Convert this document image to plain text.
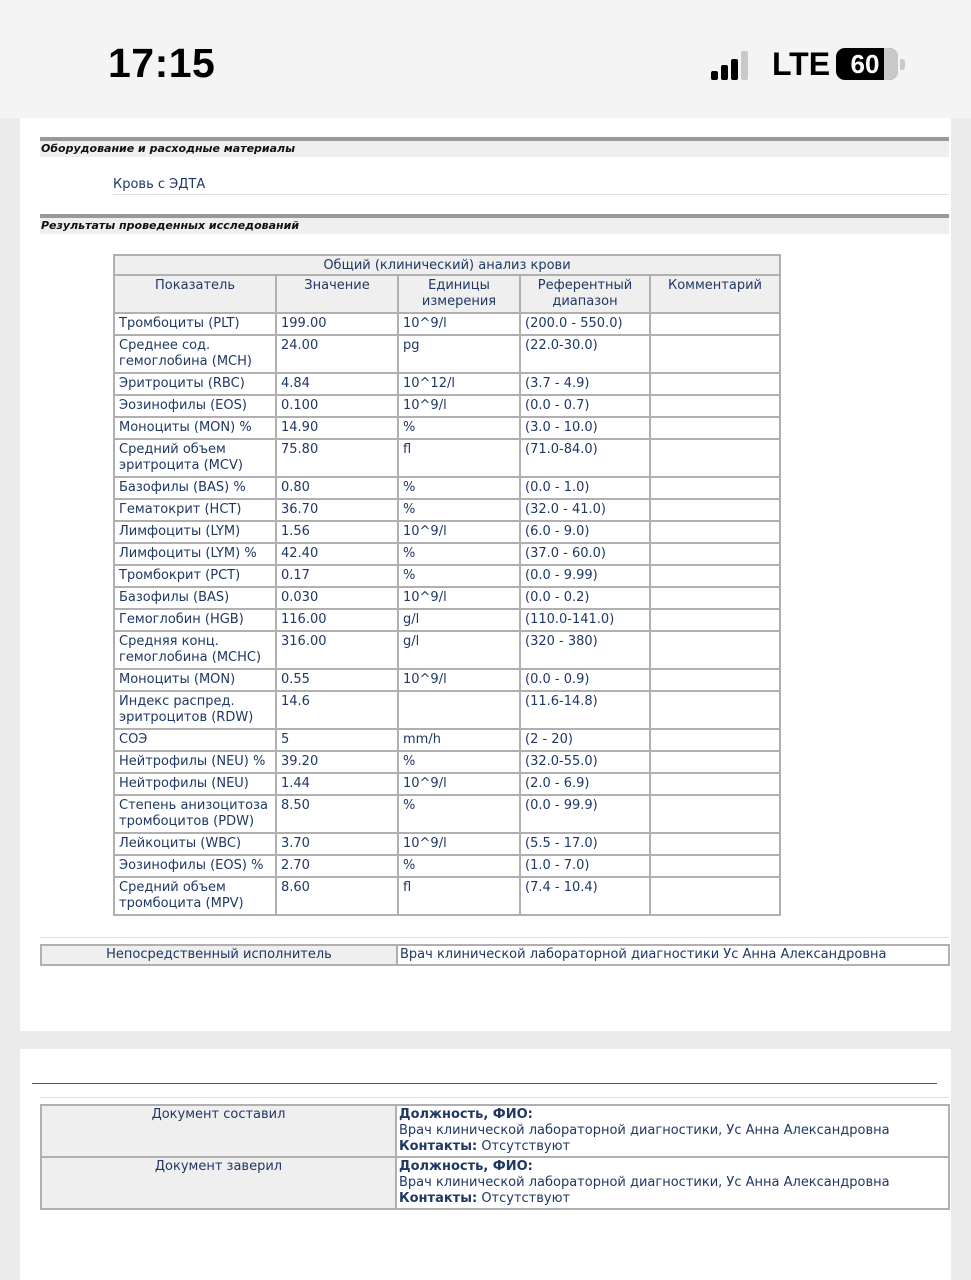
17:15	LTE 60
Оборудование и расходные материалы
Кровь с ЭДТА
Результаты проведенных исследований
Общий (клинический) анализ крови				
Показатель	Значение	Единицы измерения	Референтный диапазон	Комментарий
Тромбоциты (PLT)	199.00	10^9/l	(200.0 - 550.0)	
Среднее сод. гемоглобина (MCH)	24.00	pg	(22.0-30.0)	
Эритроциты (RBC)	4.84	10^12/l	(3.7 - 4.9)	
Эозинофилы (EOS)	0.100	10^9/l	(0.0 - 0.7)	
Моноциты (MON) %	14.90	%	(3.0 - 10.0)	
Средний объем эритроцита (MCV)	75.80	fl	(71.0-84.0)	
Базофилы (BAS) %	0.80	%	(0.0 - 1.0)	
Гематокрит (HCT)	36.70	%	(32.0 - 41.0)	
Лимфоциты (LYM)	1.56	10^9/l	(6.0 - 9.0)	
Лимфоциты (LYM) %	42.40	%	(37.0 - 60.0)	
Тромбокрит (PCT)	0.17	%	(0.0 - 9.99)	
Базофилы (BAS)	0.030	10^9/l	(0.0 - 0.2)	
Гемоглобин (HGB)	116.00	g/l	(110.0-141.0)	
Средняя конц. гемоглобина (MCHC)	316.00	g/l	(320 - 380)	
Моноциты (MON)	0.55	10^9/l	(0.0 - 0.9)	
Индекс распред. эритроцитов (RDW)	14.6		(11.6-14.8)	
СОЭ	5	mm/h	(2 - 20)	
Нейтрофилы (NEU) %	39.20	%	(32.0-55.0)	
Нейтрофилы (NEU)	1.44	10^9/l	(2.0 - 6.9)	
Степень анизоцитоза тромбоцитов (PDW)	8.50	%	(0.0 - 99.9)	
Лейкоциты (WBC)	3.70	10^9/l	(5.5 - 17.0)	
Эозинофилы (EOS) %	2.70	%	(1.0 - 7.0)	
Средний объем тромбоцита (MPV)	8.60	fl	(7.4 - 10.4)	
Непосредственный исполнитель	Врач клинической лабораторной диагностики Ус Анна Александровна
Документ составил	Должность, ФИО:
Врач клинической лабораторной диагностики, Ус Анна Александровна
Контакты: Отсутствуют
Документ заверил	Должность, ФИО:
Врач клинической лабораторной диагностики, Ус Анна Александровна
Контакты: Отсутствуют
